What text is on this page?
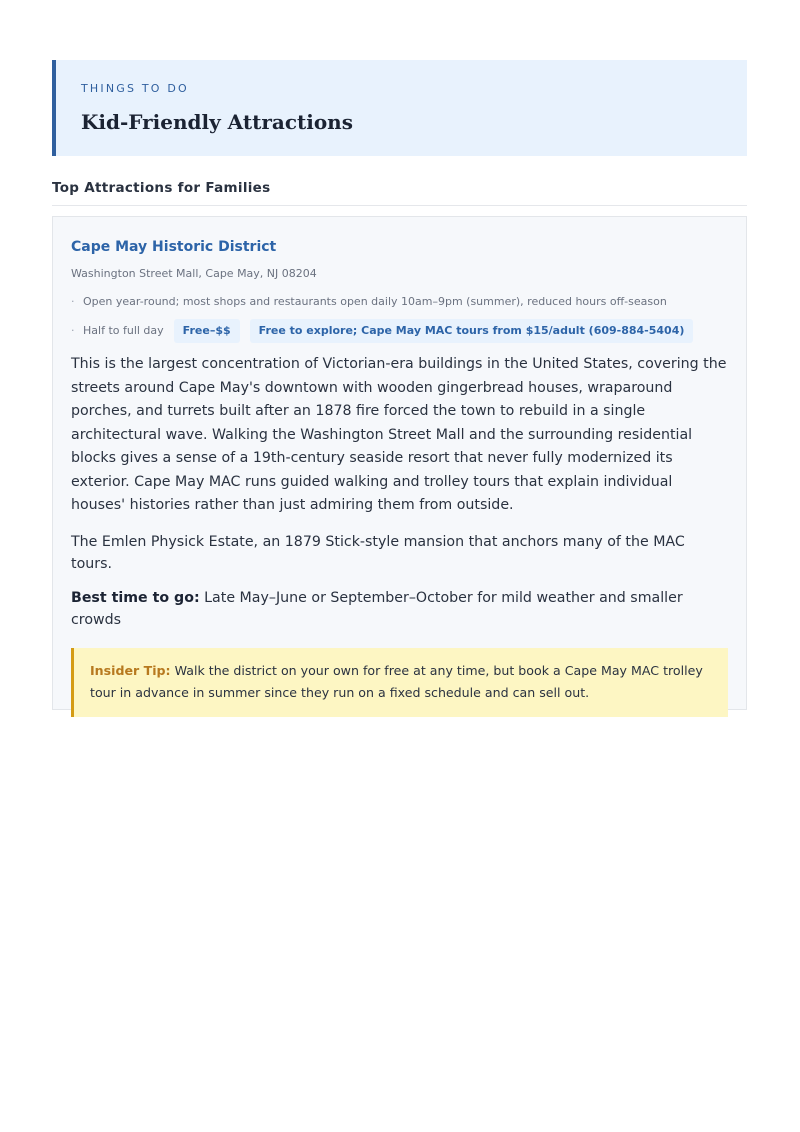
THINGS TO DO

Kid-Friendly Attractions
Top Attractions for Families
Cape May Historic District

Washington Street Mall, Cape May, NJ 08204

· Open year-round; most shops and restaurants open daily 10am–9pm (summer), reduced hours off-season
· Half to full day	Free–$$	Free to explore; Cape May MAC tours from $15/adult (609-884-5404)

This is the largest concentration of Victorian-era buildings in the United States, covering the streets around Cape May's downtown with wooden gingerbread houses, wraparound porches, and turrets built after an 1878 fire forced the town to rebuild in a single architectural wave. Walking the Washington Street Mall and the surrounding residential blocks gives a sense of a 19th-century seaside resort that never fully modernized its exterior. Cape May MAC runs guided walking and trolley tours that explain individual houses' histories rather than just admiring them from outside.

The Emlen Physick Estate, an 1879 Stick-style mansion that anchors many of the MAC tours.

Best time to go: Late May–June or September–October for mild weather and smaller crowds

Insider Tip: Walk the district on your own for free at any time, but book a Cape May MAC trolley tour in advance in summer since they run on a fixed schedule and can sell out.
